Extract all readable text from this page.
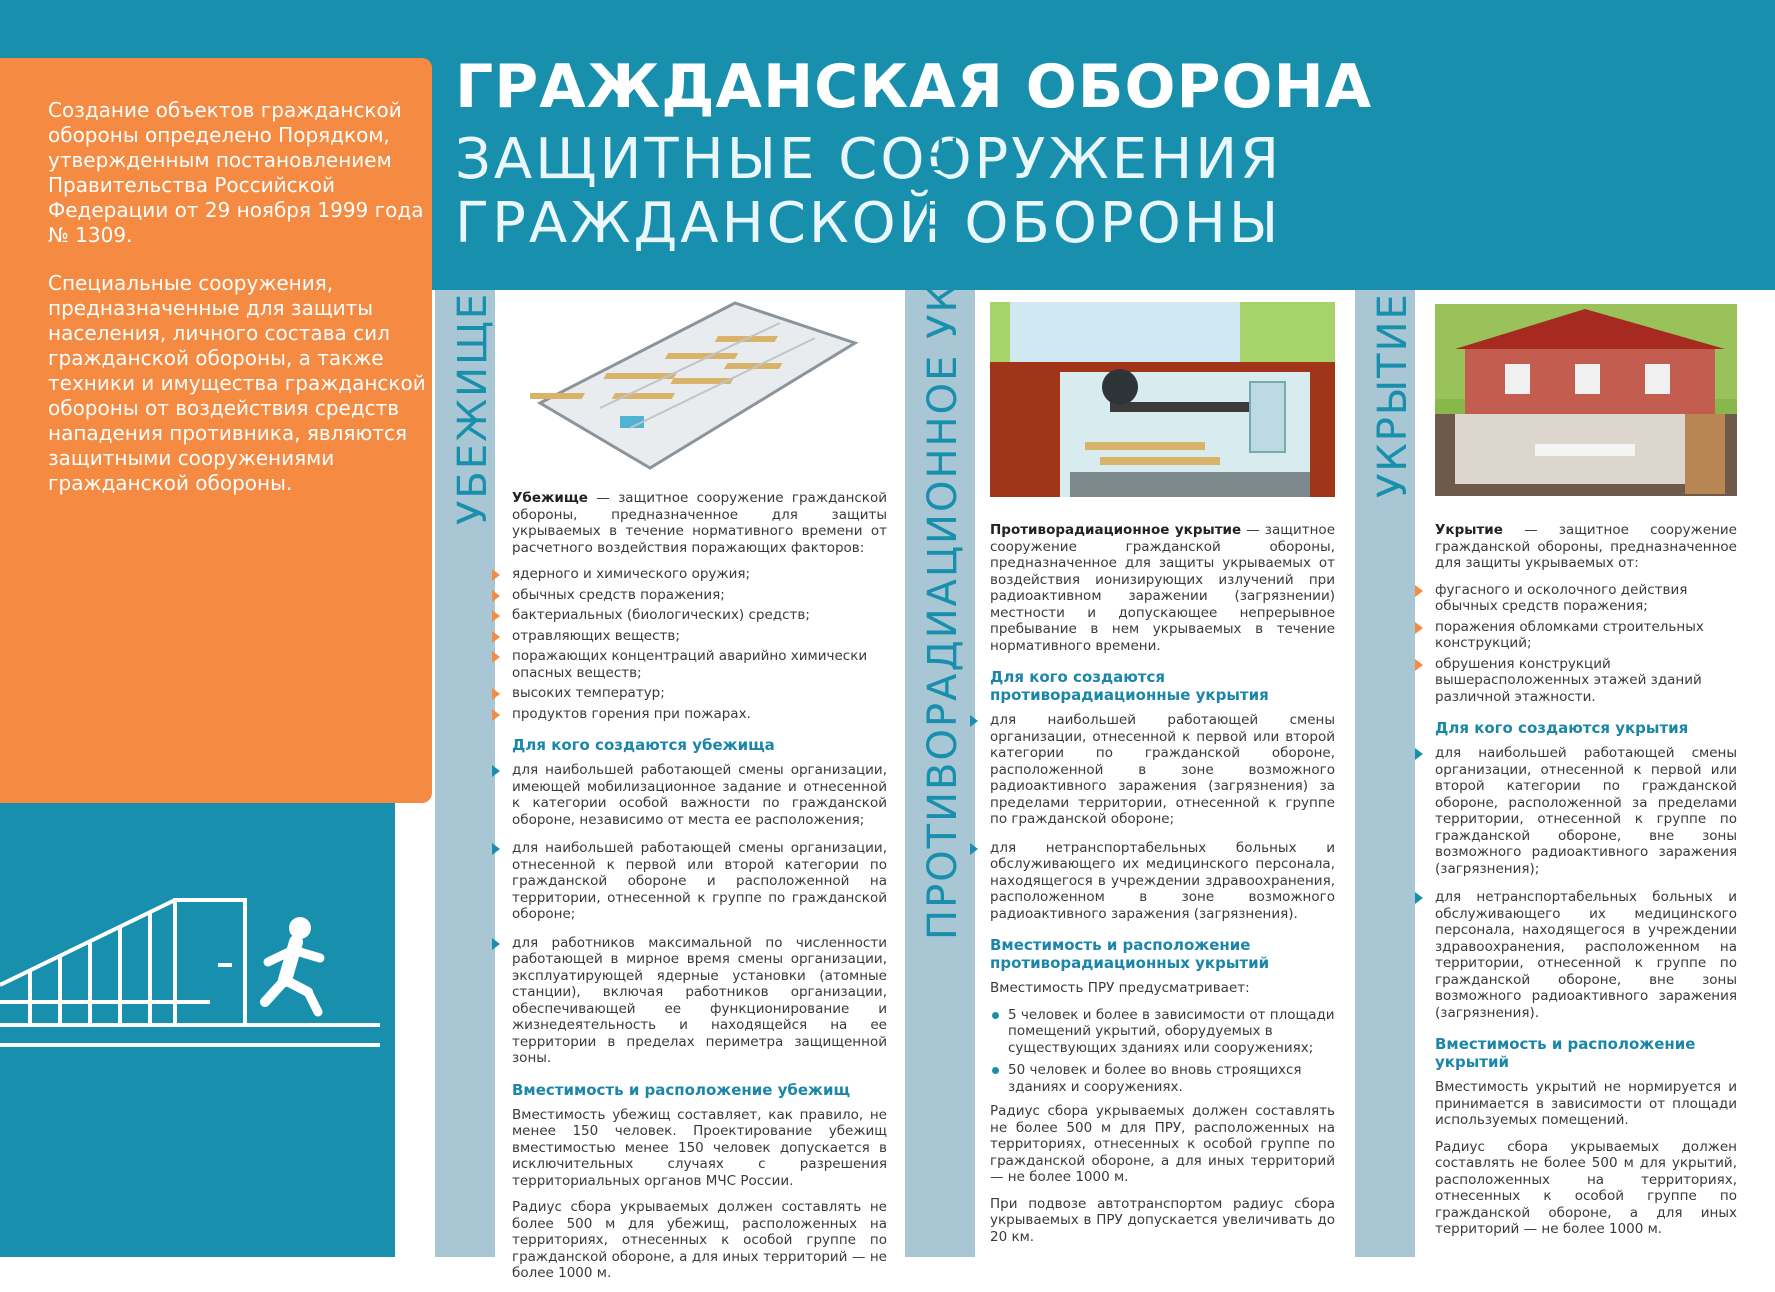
Создание объектов гражданской обороны определено Порядком, утвержденным постановлением Правительства Российской Федерации от 29 ноября 1999 года № 1309.

Специальные сооружения, предназначенные для защиты населения, личного состава сил гражданской обороны, а также техники и имущества гражданской обороны от воздействия средств нападения противника, являются защитными сооружениями гражданской обороны.

ГРАЖДАНСКАЯ ОБОРОНА
ЗАЩИТНЫЕ СООРУЖЕНИЯ ГРАЖДАНСКОЙ ОБОРОНЫ
УБЕЖИЩЕ	ПРОТИВОРАДИАЦИОННОЕ УКРЫТИЕ	УКРЫТИЕ

Убежище — защитное сооружение гражданской обороны, предназначенное для защиты укрываемых в течение нормативного времени от расчетного воздействия поражающих факторов:

ядерного и химического оружия;
обычных средств поражения;
бактериальных (биологических) средств;
отравляющих веществ;
поражающих концентраций аварийно химически опасных веществ;
высоких температур;
продуктов горения при пожарах.
Для кого создаются убежища
для наибольшей работающей смены организации, имеющей мобилизационное задание и отнесенной к категории особой важности по гражданской обороне, независимо от места ее расположения;
для наибольшей работающей смены организации, отнесенной к первой или второй категории по гражданской обороне и расположенной на территории, отнесенной к группе по гражданской обороне;
для работников максимальной по численности работающей в мирное время смены организации, эксплуатирующей ядерные установки (атомные станции), включая работников организации, обеспечивающей ее функционирование и жизнедеятельность и находящейся на ее территории в пределах периметра защищенной зоны.
Вместимость и расположение убежищ

Вместимость убежищ составляет, как правило, не менее 150 человек. Проектирование убежищ вместимостью менее 150 человек допускается в исключительных случаях с разрешения территориальных органов МЧС России.

Радиус сбора укрываемых должен составлять не более 500 м для убежищ, расположенных на территориях, отнесенных к особой группе по гражданской обороне, а для иных территорий — не более 1000 м.

Противорадиационное укрытие — защитное сооружение гражданской обороны, предназначенное для защиты укрываемых от воздействия ионизирующих излучений при радиоактивном заражении (загрязнении) местности и допускающее непрерывное пребывание в нем укрываемых в течение нормативного времени.

Для кого создаются противорадиационные укрытия
для наибольшей работающей смены организации, отнесенной к первой или второй категории по гражданской обороне, расположенной в зоне возможного радиоактивного заражения (загрязнения) за пределами территории, отнесенной к группе по гражданской обороне;
для нетранспортабельных больных и обслуживающего их медицинского персонала, находящегося в учреждении здравоохранения, расположенном в зоне возможного радиоактивного заражения (загрязнения).
Вместимость и расположение противорадиационных укрытий

Вместимость ПРУ предусматривает:

5 человек и более в зависимости от площади помещений укрытий, оборудуемых в существующих зданиях или сооружениях;
50 человек и более во вновь строящихся зданиях и сооружениях.

Радиус сбора укрываемых должен составлять не более 500 м для ПРУ, расположенных на территориях, отнесенных к особой группе по гражданской обороне, а для иных территорий — не более 1000 м.

При подвозе автотранспортом радиус сбора укрываемых в ПРУ допускается увеличивать до 20 км.

Укрытие — защитное сооружение гражданской обороны, предназначенное для защиты укрываемых от:

фугасного и осколочного действия обычных средств поражения;
поражения обломками строительных конструкций;
обрушения конструкций вышерасположенных этажей зданий различной этажности.
Для кого создаются укрытия
для наибольшей работающей смены организации, отнесенной к первой или второй категории по гражданской обороне, расположенной за пределами территории, отнесенной к группе по гражданской обороне, вне зоны возможного радиоактивного заражения (загрязнения);
для нетранспортабельных больных и обслуживающего их медицинского персонала, находящегося в учреждении здравоохранения, расположенном на территории, отнесенной к группе по гражданской обороне, вне зоны возможного радиоактивного заражения (загрязнения).
Вместимость и расположение укрытий

Вместимость укрытий не нормируется и принимается в зависимости от площади используемых помещений.

Радиус сбора укрываемых должен составлять не более 500 м для укрытий, расположенных на территориях, отнесенных к особой группе по гражданской обороне, а для иных территорий — не более 1000 м.
